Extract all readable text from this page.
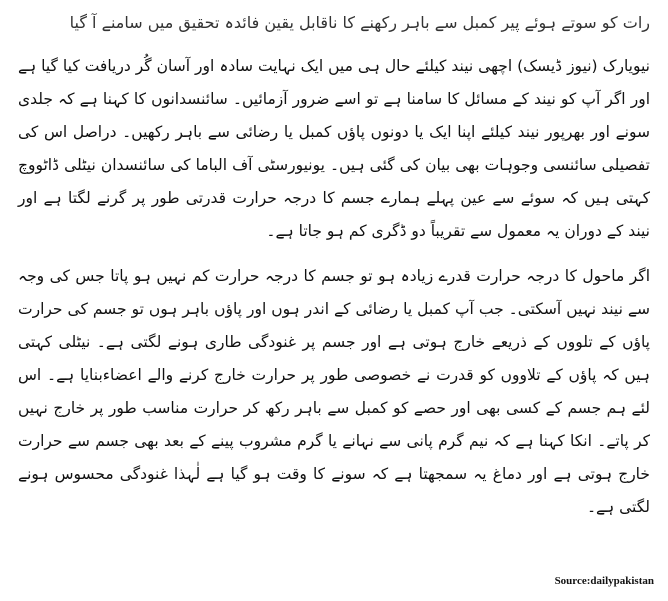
رات کو سوتے ہوئے پیر کمبل سے باہر رکھنے کا ناقابل یقین فائدہ تحقیق میں سامنے آ گیا

نیویارک (نیوز ڈیسک) اچھی نیند کیلئے حال ہی میں ایک نہایت سادہ اور آسان گُر دریافت کیا گیا ہے اور اگر آپ کو نیند کے مسائل کا سامنا ہے تو اسے ضرور آزمائیں۔ سائنسدانوں کا کہنا ہے کہ جلدی سونے اور بھرپور نیند کیلئے اپنا ایک یا دونوں پاﺅں کمبل یا رضائی سے باہر رکھیں۔ دراصل اس کی تفصیلی سائنسی وجوہات بھی بیان کی گئی ہیں۔ یونیورسٹی آف الباما کی سائنسدان نیٹلی ڈاٹووچ کہتی ہیں کہ سوئے سے عین پہلے ہمارے جسم کا درجہ حرارت قدرتی طور پر گرنے لگتا ہے اور نیند کے دوران یہ معمول سے تقریباً دو ڈگری کم ہو جاتا ہے۔

اگر ماحول کا درجہ حرارت قدرے زیادہ ہو تو جسم کا درجہ حرارت کم نہیں ہو پاتا جس کی وجہ سے نیند نہیں آسکتی۔ جب آپ کمبل یا رضائی کے اندر ہوں اور پاﺅں باہر ہوں تو جسم کی حرارت پاﺅں کے تلووں کے ذریعے خارج ہوتی ہے اور جسم پر غنودگی طاری ہونے لگتی ہے۔ نیٹلی کہتی ہیں کہ پاﺅں کے تلاووں کو قدرت نے خصوصی طور پر حرارت خارج کرنے والے اعضاءبنایا ہے۔ اس لئے ہم جسم کے کسی بھی اور حصے کو کمبل سے باہر رکھ کر حرارت مناسب طور پر خارج نہیں کر پاتے۔ انکا کہنا ہے کہ نیم گرم پانی سے نہانے یا گرم مشروب پینے کے بعد بھی جسم سے حرارت خارج ہوتی ہے اور دماغ یہ سمجھتا ہے کہ سونے کا وقت ہو گیا ہے لٰہذا غنودگی محسوس ہونے لگتی ہے۔

Source:dailypakistan
